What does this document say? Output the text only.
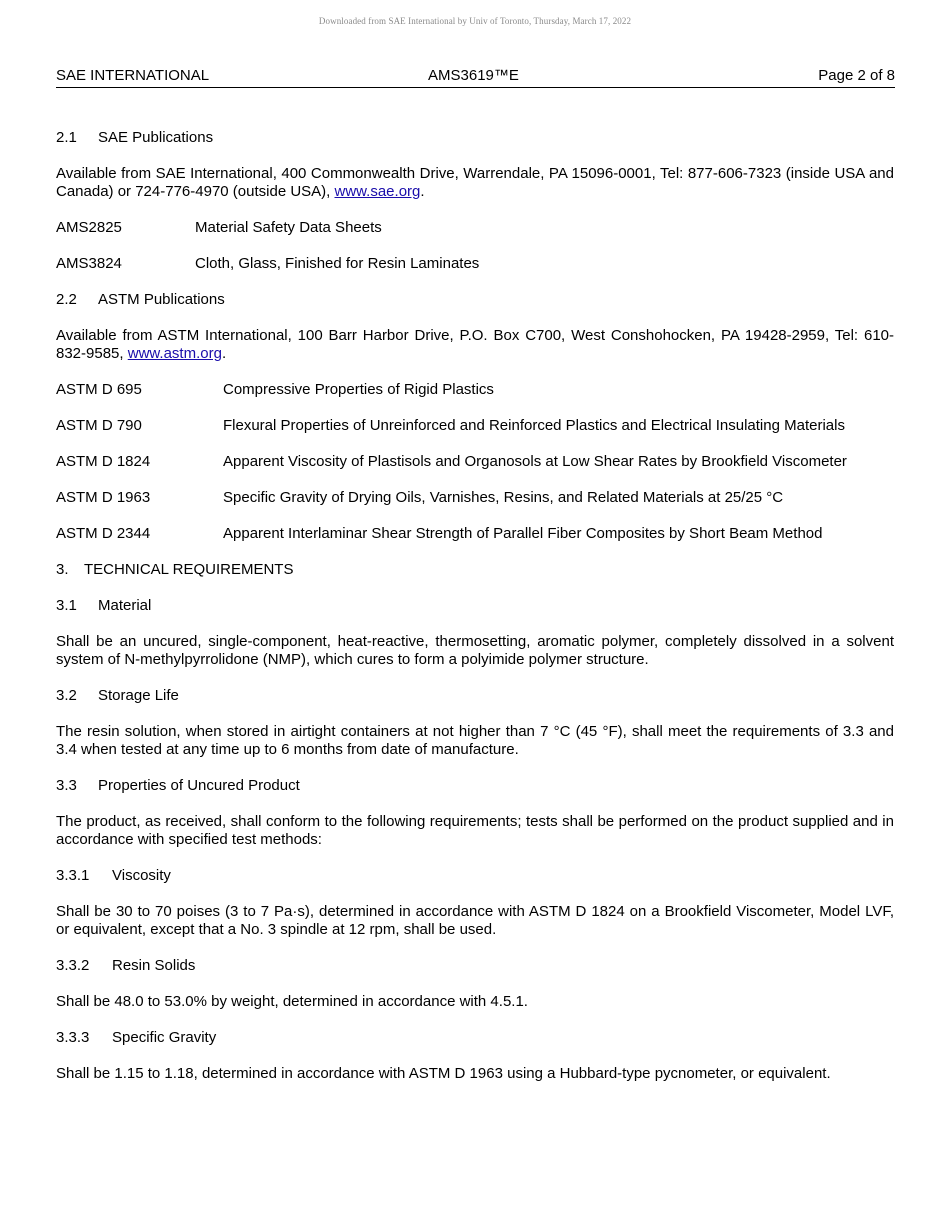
Downloaded from SAE International by Univ of Toronto, Thursday, March 17, 2022
SAE INTERNATIONAL	AMS3619™E	Page 2 of 8
2.1 SAE Publications

Available from SAE International, 400 Commonwealth Drive, Warrendale, PA 15096-0001, Tel: 877-606-7323 (inside USA and Canada) or 724-776-4970 (outside USA), www.sae.org.

AMS2825	Material Safety Data Sheets
AMS3824	Cloth, Glass, Finished for Resin Laminates
2.2 ASTM Publications

Available from ASTM International, 100 Barr Harbor Drive, P.O. Box C700, West Conshohocken, PA 19428-2959, Tel: 610-832-9585, www.astm.org.

ASTM D 695	Compressive Properties of Rigid Plastics
ASTM D 790	Flexural Properties of Unreinforced and Reinforced Plastics and Electrical Insulating Materials
ASTM D 1824	Apparent Viscosity of Plastisols and Organosols at Low Shear Rates by Brookfield Viscometer
ASTM D 1963	Specific Gravity of Drying Oils, Varnishes, Resins, and Related Materials at 25/25 °C
ASTM D 2344	Apparent Interlaminar Shear Strength of Parallel Fiber Composites by Short Beam Method
3. TECHNICAL REQUIREMENTS
3.1 Material

Shall be an uncured, single-component, heat-reactive, thermosetting, aromatic polymer, completely dissolved in a solvent system of N-methylpyrrolidone (NMP), which cures to form a polyimide polymer structure.

3.2 Storage Life

The resin solution, when stored in airtight containers at not higher than 7 °C (45 °F), shall meet the requirements of 3.3 and 3.4 when tested at any time up to 6 months from date of manufacture.

3.3 Properties of Uncured Product

The product, as received, shall conform to the following requirements; tests shall be performed on the product supplied and in accordance with specified test methods:

3.3.1 Viscosity

Shall be 30 to 70 poises (3 to 7 Pa·s), determined in accordance with ASTM D 1824 on a Brookfield Viscometer, Model LVF, or equivalent, except that a No. 3 spindle at 12 rpm, shall be used.

3.3.2 Resin Solids

Shall be 48.0 to 53.0% by weight, determined in accordance with 4.5.1.

3.3.3 Specific Gravity

Shall be 1.15 to 1.18, determined in accordance with ASTM D 1963 using a Hubbard-type pycnometer, or equivalent.
